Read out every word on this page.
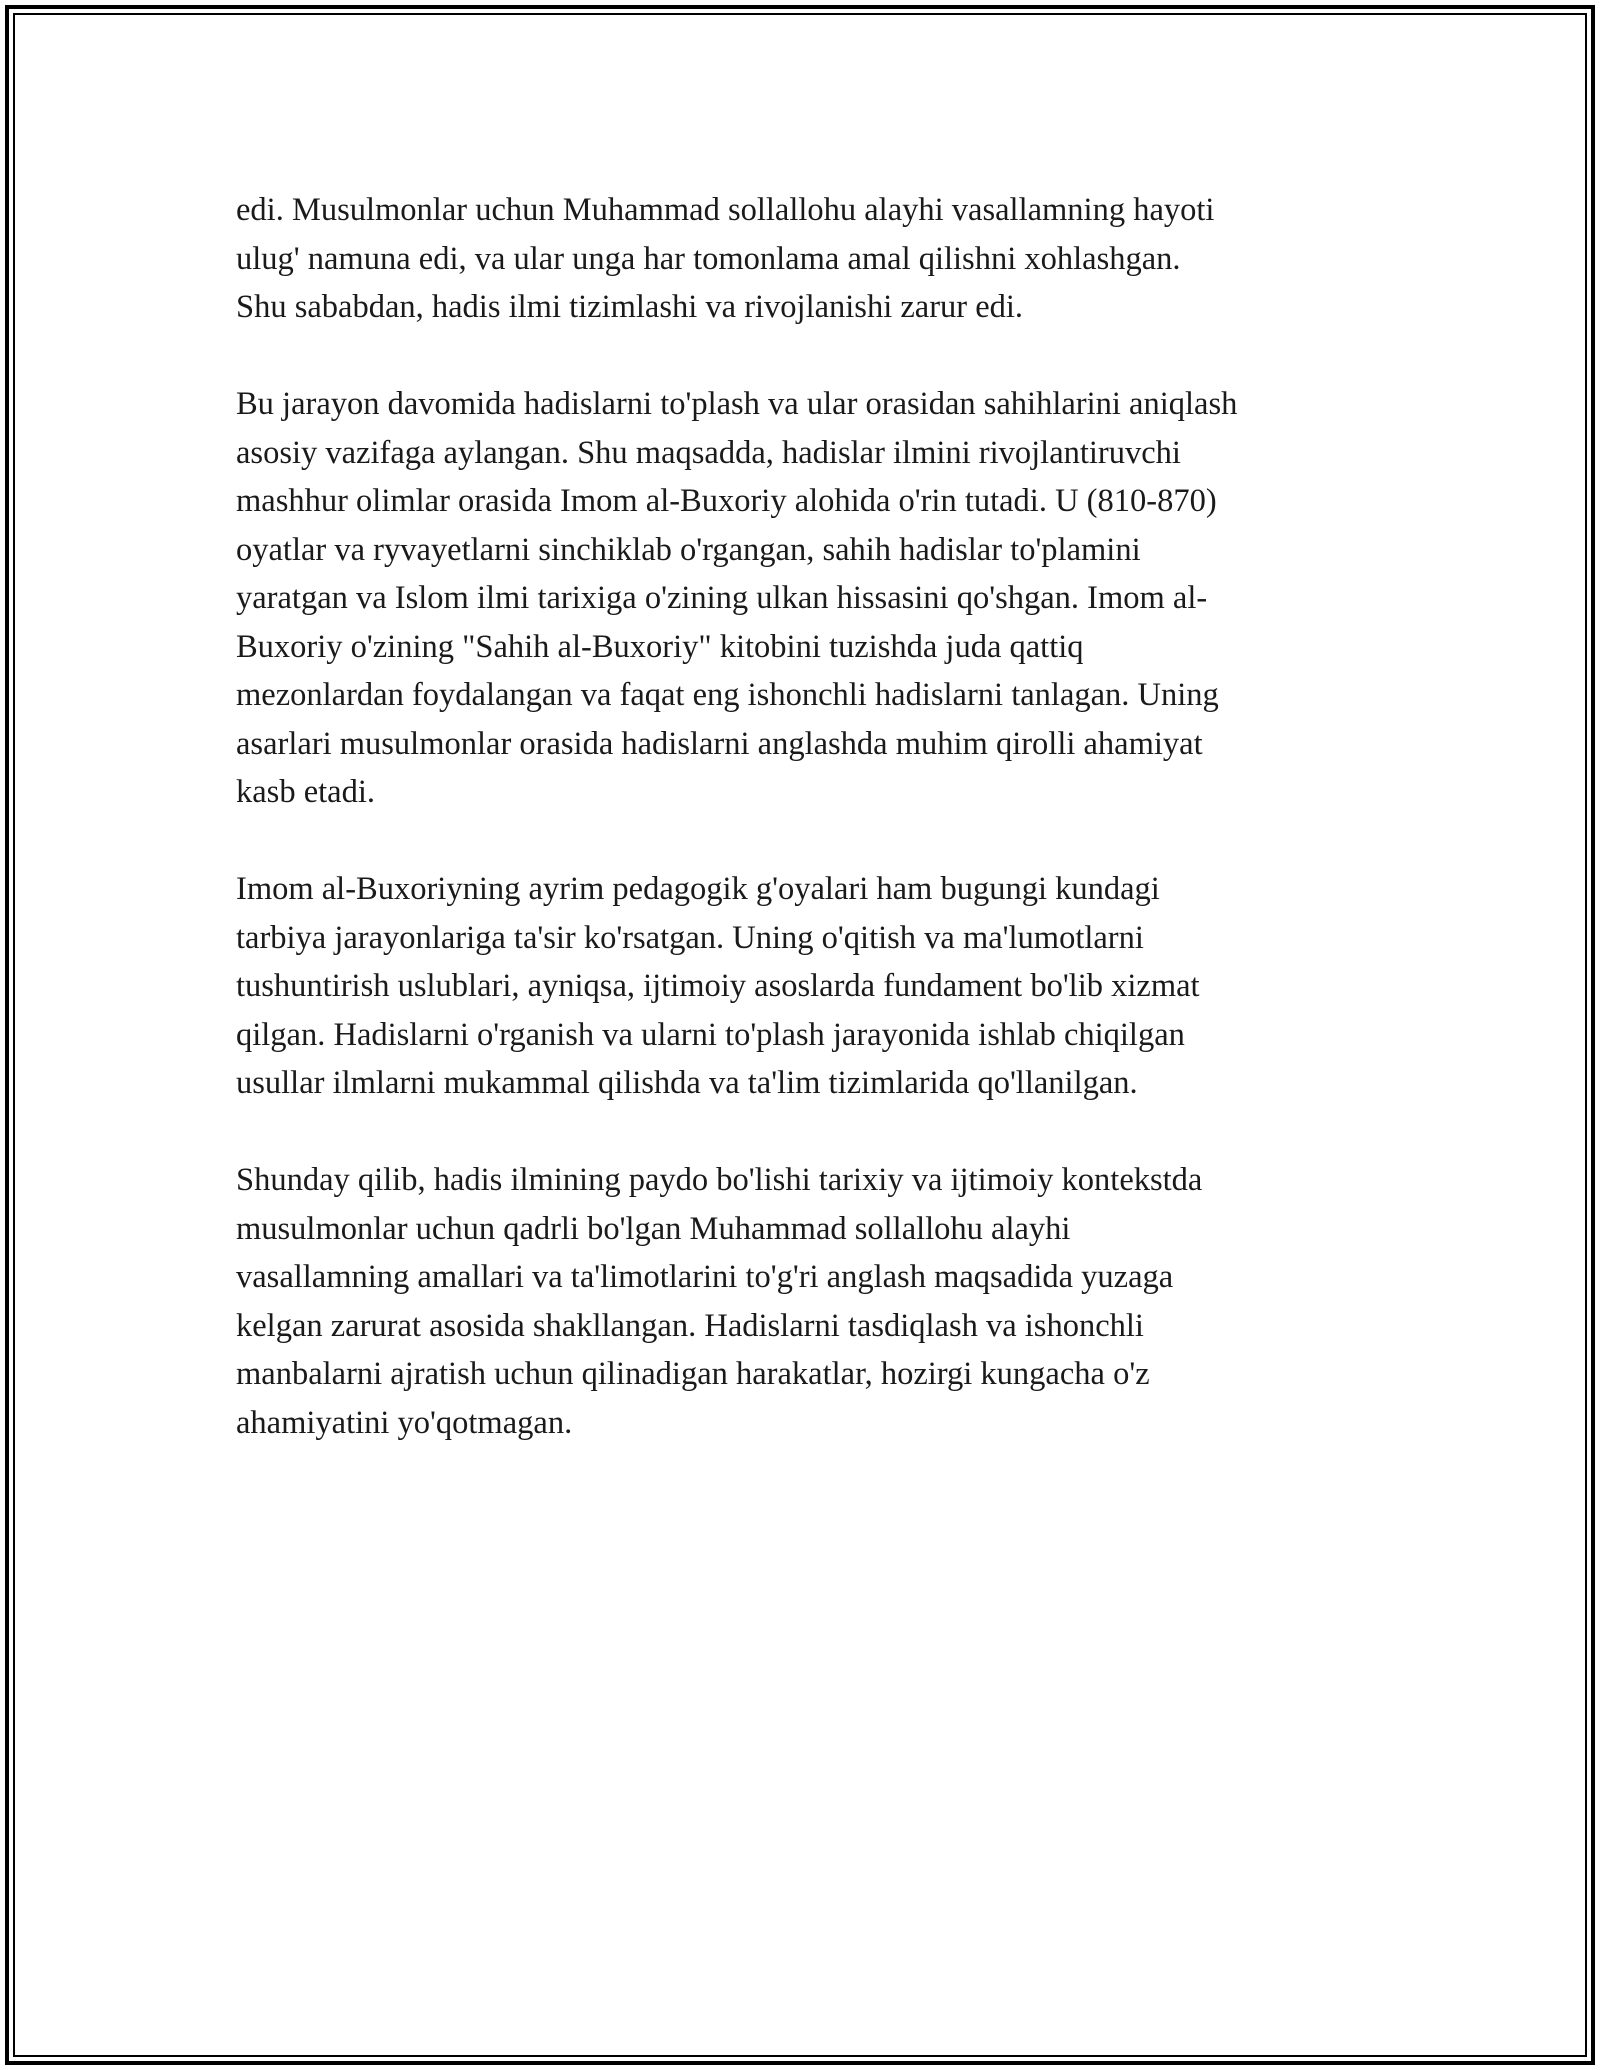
edi. Musulmonlar uchun Muhammad sollallohu alayhi vasallamning hayoti
ulug' namuna edi, va ular unga har tomonlama amal qilishni xohlashgan.
Shu sababdan, hadis ilmi tizimlashi va rivojlanishi zarur edi.

Bu jarayon davomida hadislarni to'plash va ular orasidan sahihlarini aniqlash
asosiy vazifaga aylangan. Shu maqsadda, hadislar ilmini rivojlantiruvchi
mashhur olimlar orasida Imom al-Buxoriy alohida o'rin tutadi. U (810-870)
oyatlar va ryvayetlarni sinchiklab o'rgangan, sahih hadislar to'plamini
yaratgan va Islom ilmi tarixiga o'zining ulkan hissasini qo'shgan. Imom al-
Buxoriy o'zining "Sahih al-Buxoriy" kitobini tuzishda juda qattiq
mezonlardan foydalangan va faqat eng ishonchli hadislarni tanlagan. Uning
asarlari musulmonlar orasida hadislarni anglashda muhim qirolli ahamiyat
kasb etadi.

Imom al-Buxoriyning ayrim pedagogik g'oyalari ham bugungi kundagi
tarbiya jarayonlariga ta'sir ko'rsatgan. Uning o'qitish va ma'lumotlarni
tushuntirish uslublari, ayniqsa, ijtimoiy asoslarda fundament bo'lib xizmat
qilgan. Hadislarni o'rganish va ularni to'plash jarayonida ishlab chiqilgan
usullar ilmlarni mukammal qilishda va ta'lim tizimlarida qo'llanilgan.

Shunday qilib, hadis ilmining paydo bo'lishi tarixiy va ijtimoiy kontekstda
musulmonlar uchun qadrli bo'lgan Muhammad sollallohu alayhi
vasallamning amallari va ta'limotlarini to'g'ri anglash maqsadida yuzaga
kelgan zarurat asosida shakllangan. Hadislarni tasdiqlash va ishonchli
manbalarni ajratish uchun qilinadigan harakatlar, hozirgi kungacha o'z
ahamiyatini yo'qotmagan.
